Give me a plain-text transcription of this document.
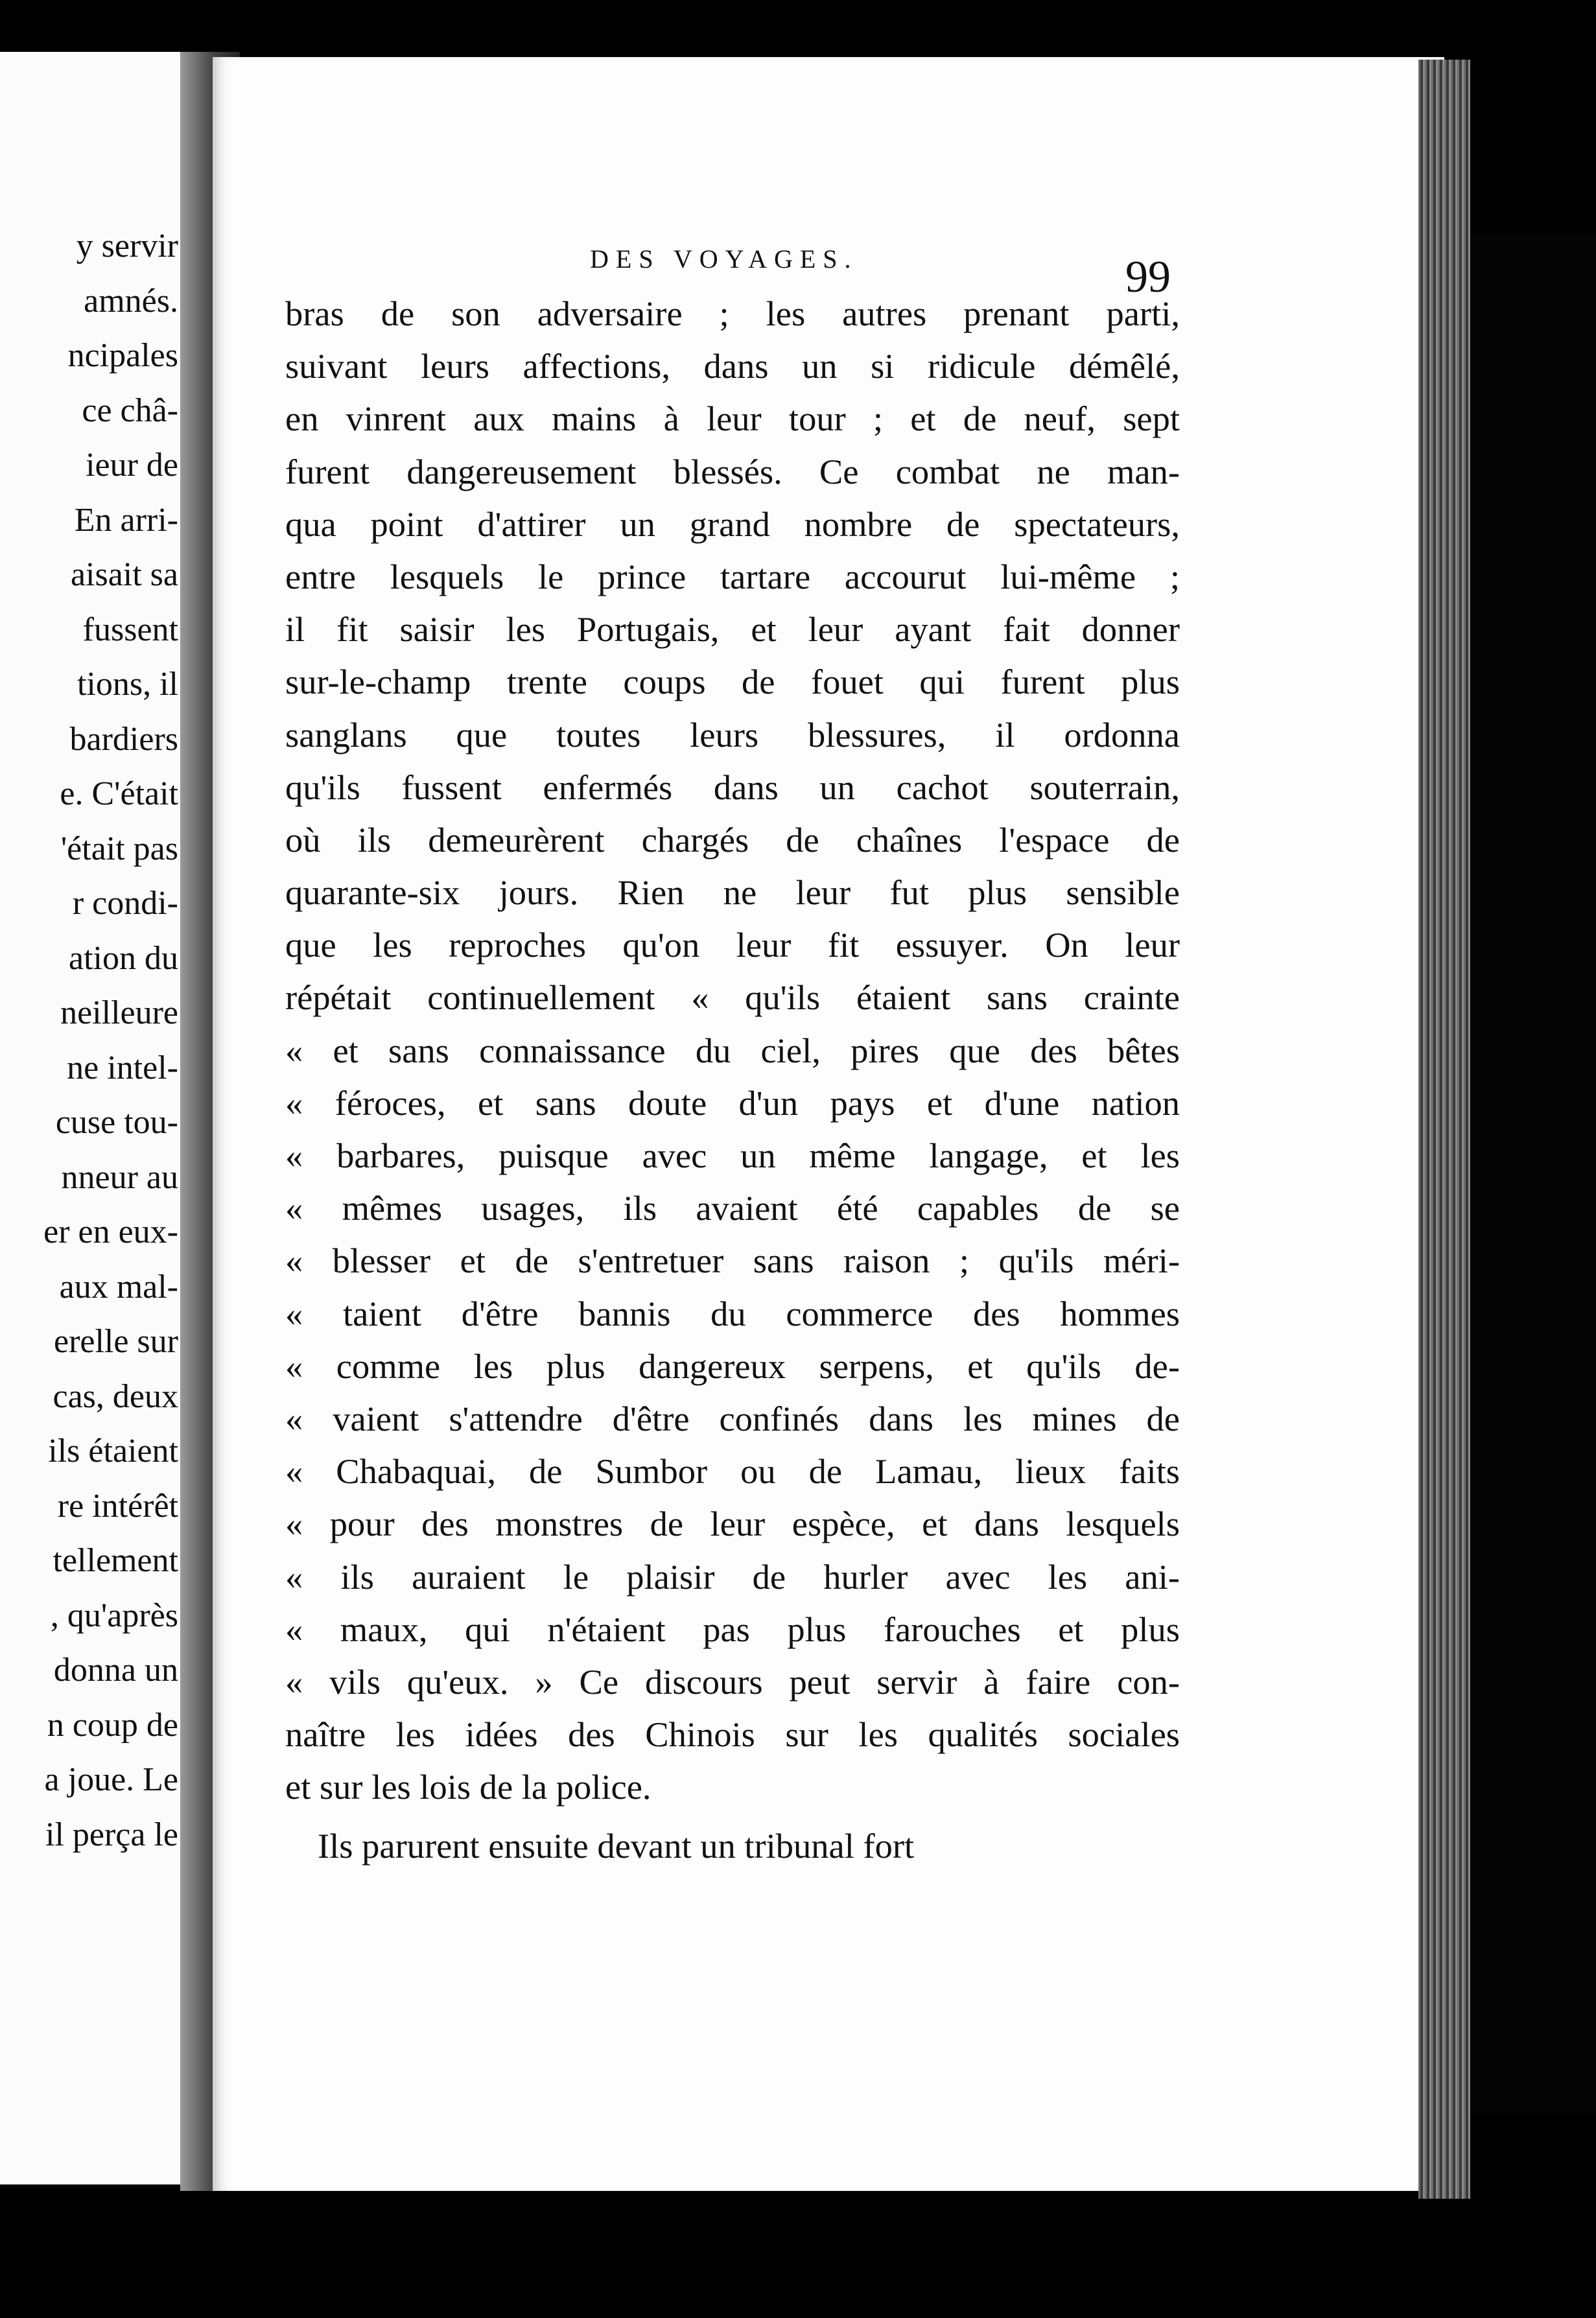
y servir
amnés.
ncipales
ce châ-
ieur de
En arri-
aisait sa
fussent
tions, il
bardiers
e. C'était
'était pas
r condi-
ation du
neilleure
ne intel-
cuse tou-
nneur au
er en eux-
aux mal-
erelle sur
cas, deux
ils étaient
re intérêt
tellement
, qu'après
donna un
n coup de
a joue. Le
il perça le
DES VOYAGES.	99
bras de son adversaire ; les autres prenant parti,
suivant leurs affections, dans un si ridicule démêlé,
en vinrent aux mains à leur tour ; et de neuf, sept
furent dangereusement blessés. Ce combat ne man-
qua point d'attirer un grand nombre de spectateurs,
entre lesquels le prince tartare accourut lui-même ;
il fit saisir les Portugais, et leur ayant fait donner
sur-le-champ trente coups de fouet qui furent plus
sanglans que toutes leurs blessures, il ordonna
qu'ils fussent enfermés dans un cachot souterrain,
où ils demeurèrent chargés de chaînes l'espace de
quarante-six jours. Rien ne leur fut plus sensible
que les reproches qu'on leur fit essuyer. On leur
répétait continuellement « qu'ils étaient sans crainte
« et sans connaissance du ciel, pires que des bêtes
« féroces, et sans doute d'un pays et d'une nation
« barbares, puisque avec un même langage, et les
« mêmes usages, ils avaient été capables de se
« blesser et de s'entretuer sans raison ; qu'ils méri-
« taient d'être bannis du commerce des hommes
« comme les plus dangereux serpens, et qu'ils de-
« vaient s'attendre d'être confinés dans les mines de
« Chabaquai, de Sumbor ou de Lamau, lieux faits
« pour des monstres de leur espèce, et dans lesquels
« ils auraient le plaisir de hurler avec les ani-
« maux, qui n'étaient pas plus farouches et plus
« vils qu'eux. » Ce discours peut servir à faire con-
naître les idées des Chinois sur les qualités sociales
et sur les lois de la police.
Ils parurent ensuite devant un tribunal fort
